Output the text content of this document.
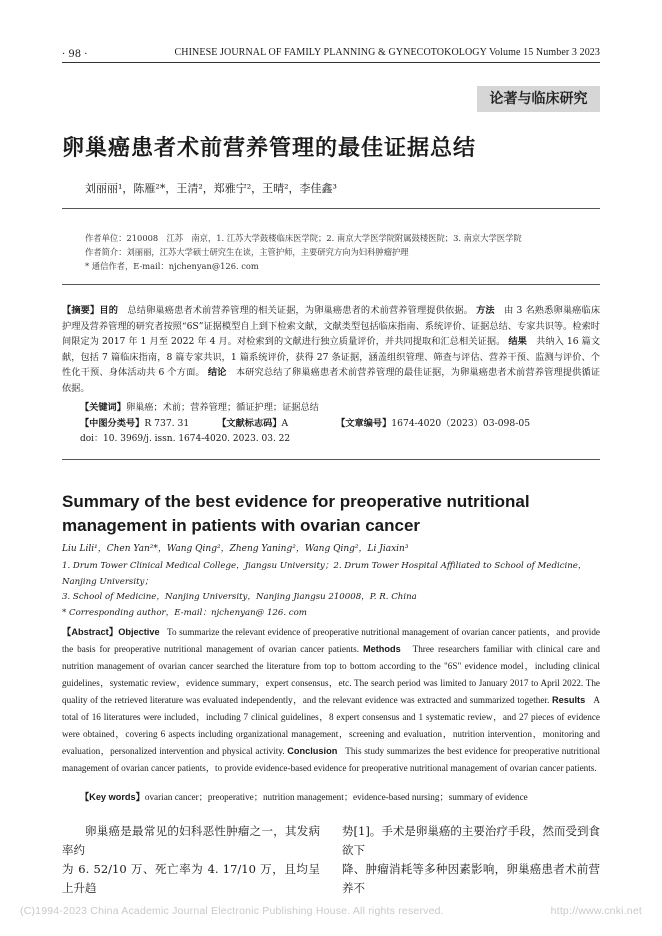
· 98 ·	CHINESE JOURNAL OF FAMILY PLANNING & GYNECOTOKOLOGY Volume 15 Number 3 2023
论著与临床研究
卵巢癌患者术前营养管理的最佳证据总结
刘丽丽¹，陈雁²*，王清²，郑雅宁²，王晴²，李佳鑫³
作者单位：210008　江苏　南京，1. 江苏大学鼓楼临床医学院；2. 南京大学医学院附属鼓楼医院；3. 南京大学医学院
作者简介：刘丽丽，江苏大学硕士研究生在读，主管护师，主要研究方向为妇科肿瘤护理
* 通信作者，E-mail：njchenyan@126. com
【摘要】目的　 总结卵巢癌患者术前营养管理的相关证据，为卵巢癌患者的术前营养管理提供依据。 方法　 由 3 名熟悉卵巢癌临床护理及营养管理的研究者按照“6S”证据模型自上到下检索文献，文献类型包括临床指南、系统评价、证据总结、专家共识等。检索时间限定为 2017 年 1 月至 2022 年 4 月。对检索到的文献进行独立质量评价，并共同提取和汇总相关证据。 结果　 共纳入 16 篇文献，包括 7 篇临床指南，8 篇专家共识，1 篇系统评价，获得 27 条证据，涵盖组织管理、筛查与评估、营养干预、监测与评价、个性化干预、身体活动共 6 个方面。 结论　 本研究总结了卵巢癌患者术前营养管理的最佳证据，为卵巢癌患者术前营养管理提供循证依据。
【关键词】卵巢癌；术前；营养管理；循证护理；证据总结
【中图分类号】R 737. 31	【文献标志码】A	【文章编号】1674-4020（2023）03-098-05
doi：10. 3969/j. issn. 1674-4020. 2023. 03. 22
Summary of the best evidence for preoperative nutritional management in patients with ovarian cancer
Liu Lili¹，Chen Yan²*，Wang Qing²，Zheng Yaning²，Wang Qing²，Li Jiaxin³
1. Drum Tower Clinical Medical College，Jiangsu University；2. Drum Tower Hospital Affiliated to School of Medicine，Nanjing University；
3. School of Medicine，Nanjing University，Nanjing Jiangsu 210008，P. R. China
* Corresponding author，E-mail：njchenyan@ 126. com
【Abstract】Objective To summarize the relevant evidence of preoperative nutritional management of ovarian cancer patients，and provide the basis for preoperative nutritional management of ovarian cancer patients. Methods Three researchers familiar with clinical care and nutrition management of ovarian cancer searched the literature from top to bottom according to the "6S" evidence model，including clinical guidelines，systematic review，evidence summary，expert consensus，etc. The search period was limited to January 2017 to April 2022. The quality of the retrieved literature was evaluated independently，and the relevant evidence was extracted and summarized together. Results A total of 16 literatures were included，including 7 clinical guidelines，8 expert consensus and 1 systematic review，and 27 pieces of evidence were obtained，covering 6 aspects including organizational management，screening and evaluation，nutrition intervention，monitoring and evaluation，personalized intervention and physical activity. Conclusion This study summarizes the best evidence for preoperative nutritional management of ovarian cancer patients，to provide evidence-based evidence for preoperative nutritional management of ovarian cancer patients.
【Key words】ovarian cancer；preoperative；nutrition management；evidence-based nursing；summary of evidence
卵巢癌是最常见的妇科恶性肿瘤之一，其发病率约
为 6. 52/10 万、死亡率为 4. 17/10 万，且均呈上升趋
势[1]。手术是卵巢癌的主要治疗手段，然而受到食欲下
降、肿瘤消耗等多种因素影响，卵巢癌患者术前营养不
(C)1994-2023 China Academic Journal Electronic Publishing House. All rights reserved.	http://www.cnki.net
